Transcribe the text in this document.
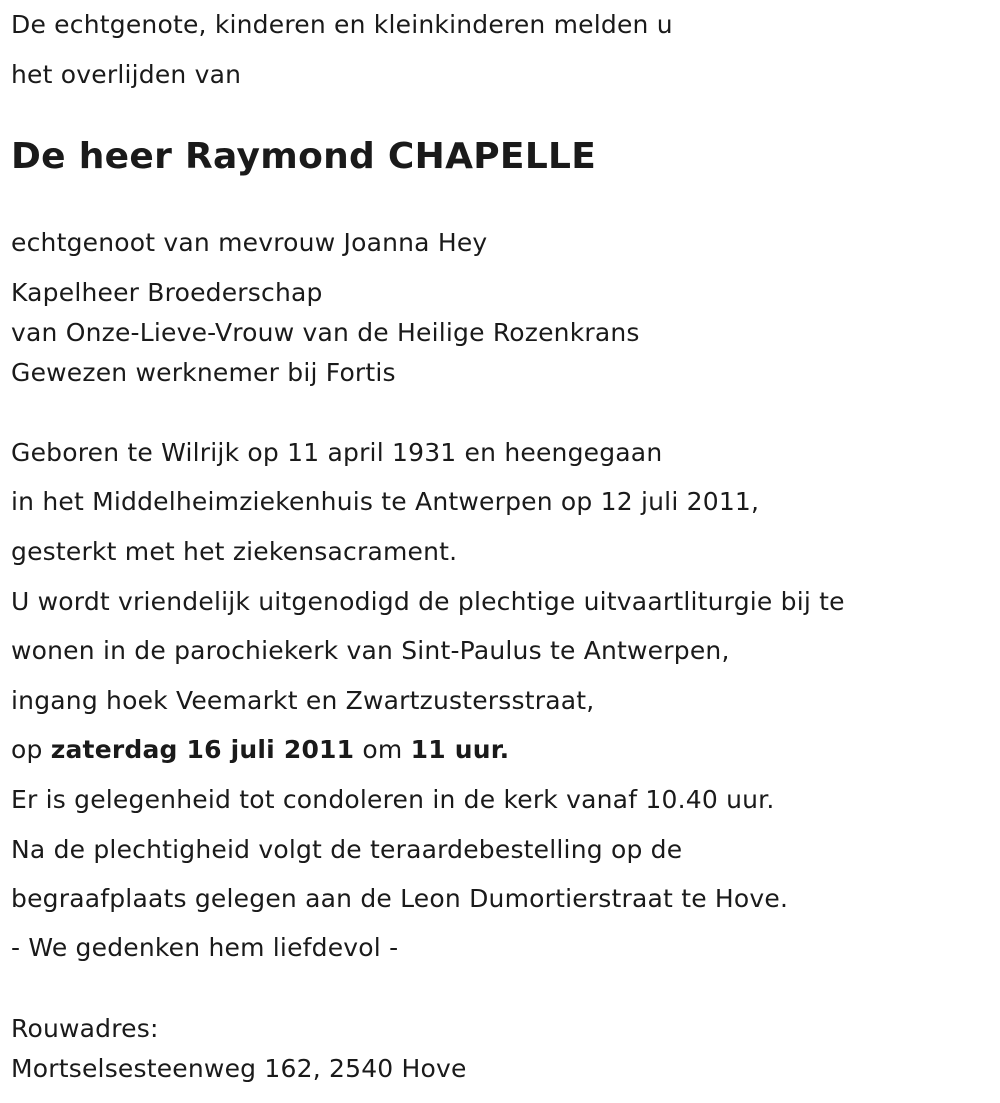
De echtgenote, kinderen en kleinkinderen melden u
het overlijden van
De heer Raymond CHAPELLE
echtgenoot van mevrouw Joanna Hey
Kapelheer Broederschap
van Onze-Lieve-Vrouw van de Heilige Rozenkrans
Gewezen werknemer bij Fortis
Geboren te Wilrijk op 11 april 1931 en heengegaan
in het Middelheimziekenhuis te Antwerpen op 12 juli 2011,
gesterkt met het ziekensacrament.
U wordt vriendelijk uitgenodigd de plechtige uitvaartliturgie bij te
wonen in de parochiekerk van Sint-Paulus te Antwerpen,
ingang hoek Veemarkt en Zwartzustersstraat,
op zaterdag 16 juli 2011 om 11 uur.
Er is gelegenheid tot condoleren in de kerk vanaf 10.40 uur.
Na de plechtigheid volgt de teraardebestelling op de
begraafplaats gelegen aan de Leon Dumortierstraat te Hove.
- We gedenken hem liefdevol -
Rouwadres:
Mortselsesteenweg 162, 2540 Hove
